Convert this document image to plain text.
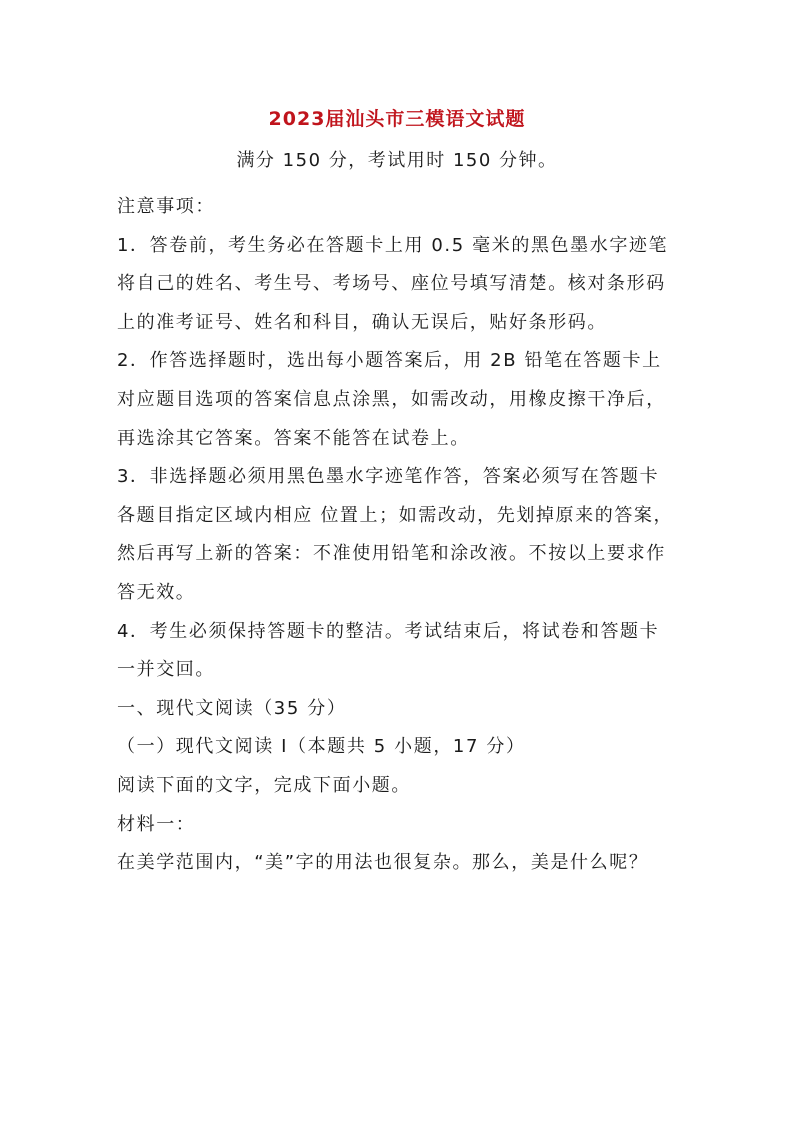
2023届汕头市三模语文试题

满分 150 分，考试用时 150 分钟。

注意事项：

1．答卷前，考生务必在答题卡上用 0.5 毫米的黑色墨水字迹笔将自己的姓名、考生号、考场号、座位号填写清楚。核对条形码上的准考证号、姓名和科目，确认无误后，贴好条形码。

2．作答选择题时，选出每小题答案后，用 2B 铅笔在答题卡上对应题目选项的答案信息点涂黑，如需改动，用橡皮擦干净后，再选涂其它答案。答案不能答在试卷上。

3．非选择题必须用黑色墨水字迹笔作答，答案必须写在答题卡各题目指定区域内相应 位置上；如需改动，先划掉原来的答案，然后再写上新的答案：不准使用铅笔和涂改液。不按以上要求作答无效。

4．考生必须保持答题卡的整洁。考试结束后，将试卷和答题卡一并交回。

一、现代文阅读（35 分）

（一）现代文阅读 I（本题共 5 小题，17 分）

阅读下面的文字，完成下面小题。

材料一：

在美学范围内，“美”字的用法也很复杂。那么，美是什么呢？
